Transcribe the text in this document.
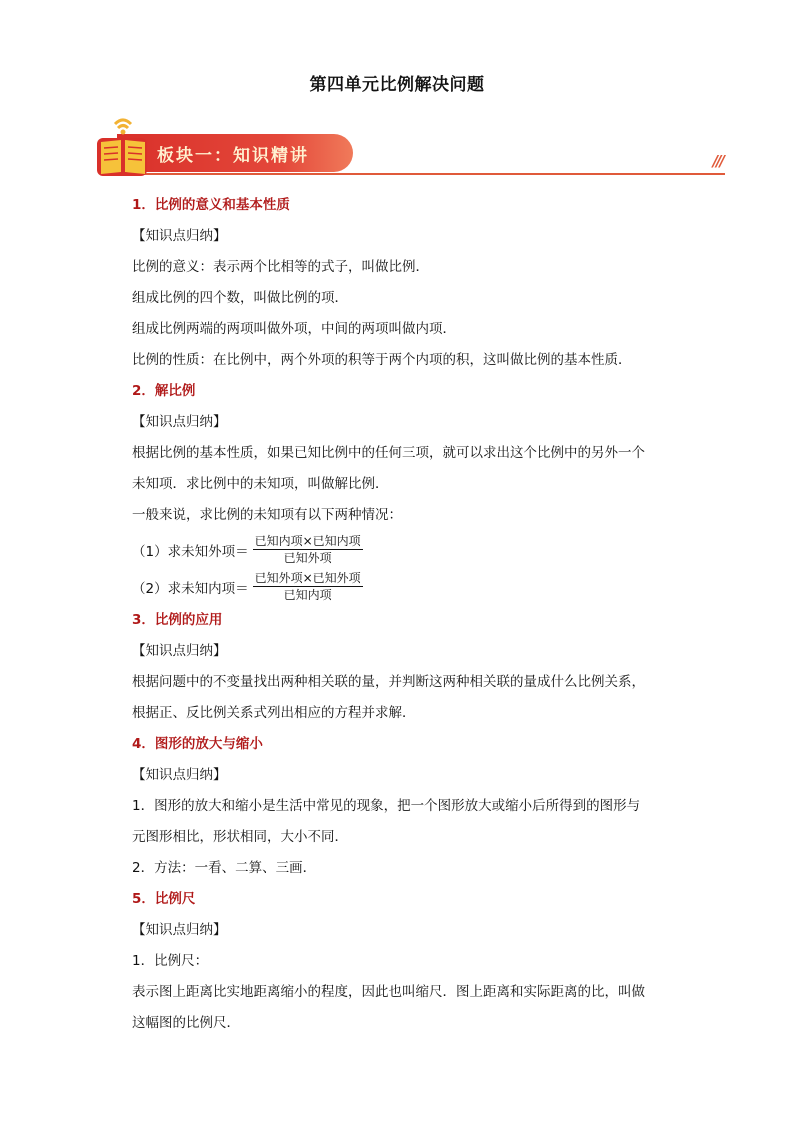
第四单元比例解决问题
板块一：知识精讲	///
1．比例的意义和基本性质
【知识点归纳】
比例的意义：表示两个比相等的式子，叫做比例．
组成比例的四个数，叫做比例的项．
组成比例两端的两项叫做外项，中间的两项叫做内项．
比例的性质：在比例中，两个外项的积等于两个内项的积，这叫做比例的基本性质．
2．解比例
【知识点归纳】
根据比例的基本性质，如果已知比例中的任何三项，就可以求出这个比例中的另外一个
未知项．求比例中的未知项，叫做解比例．
一般来说，求比例的未知项有以下两种情况：
（1）求未知外项＝ $\frac{\text{已知内项×已知内项}}{\text{已知外项}}$
（2）求未知内项＝ $\frac{\text{已知外项×已知外项}}{\text{已知内项}}$
3．比例的应用
【知识点归纳】
根据问题中的不变量找出两种相关联的量，并判断这两种相关联的量成什么比例关系，
根据正、反比例关系式列出相应的方程并求解．
4．图形的放大与缩小
【知识点归纳】
1．图形的放大和缩小是生活中常见的现象，把一个图形放大或缩小后所得到的图形与
元图形相比，形状相同，大小不同．
2．方法：一看、二算、三画．
5．比例尺
【知识点归纳】
1．比例尺：
表示图上距离比实地距离缩小的程度，因此也叫缩尺．图上距离和实际距离的比，叫做
这幅图的比例尺．
